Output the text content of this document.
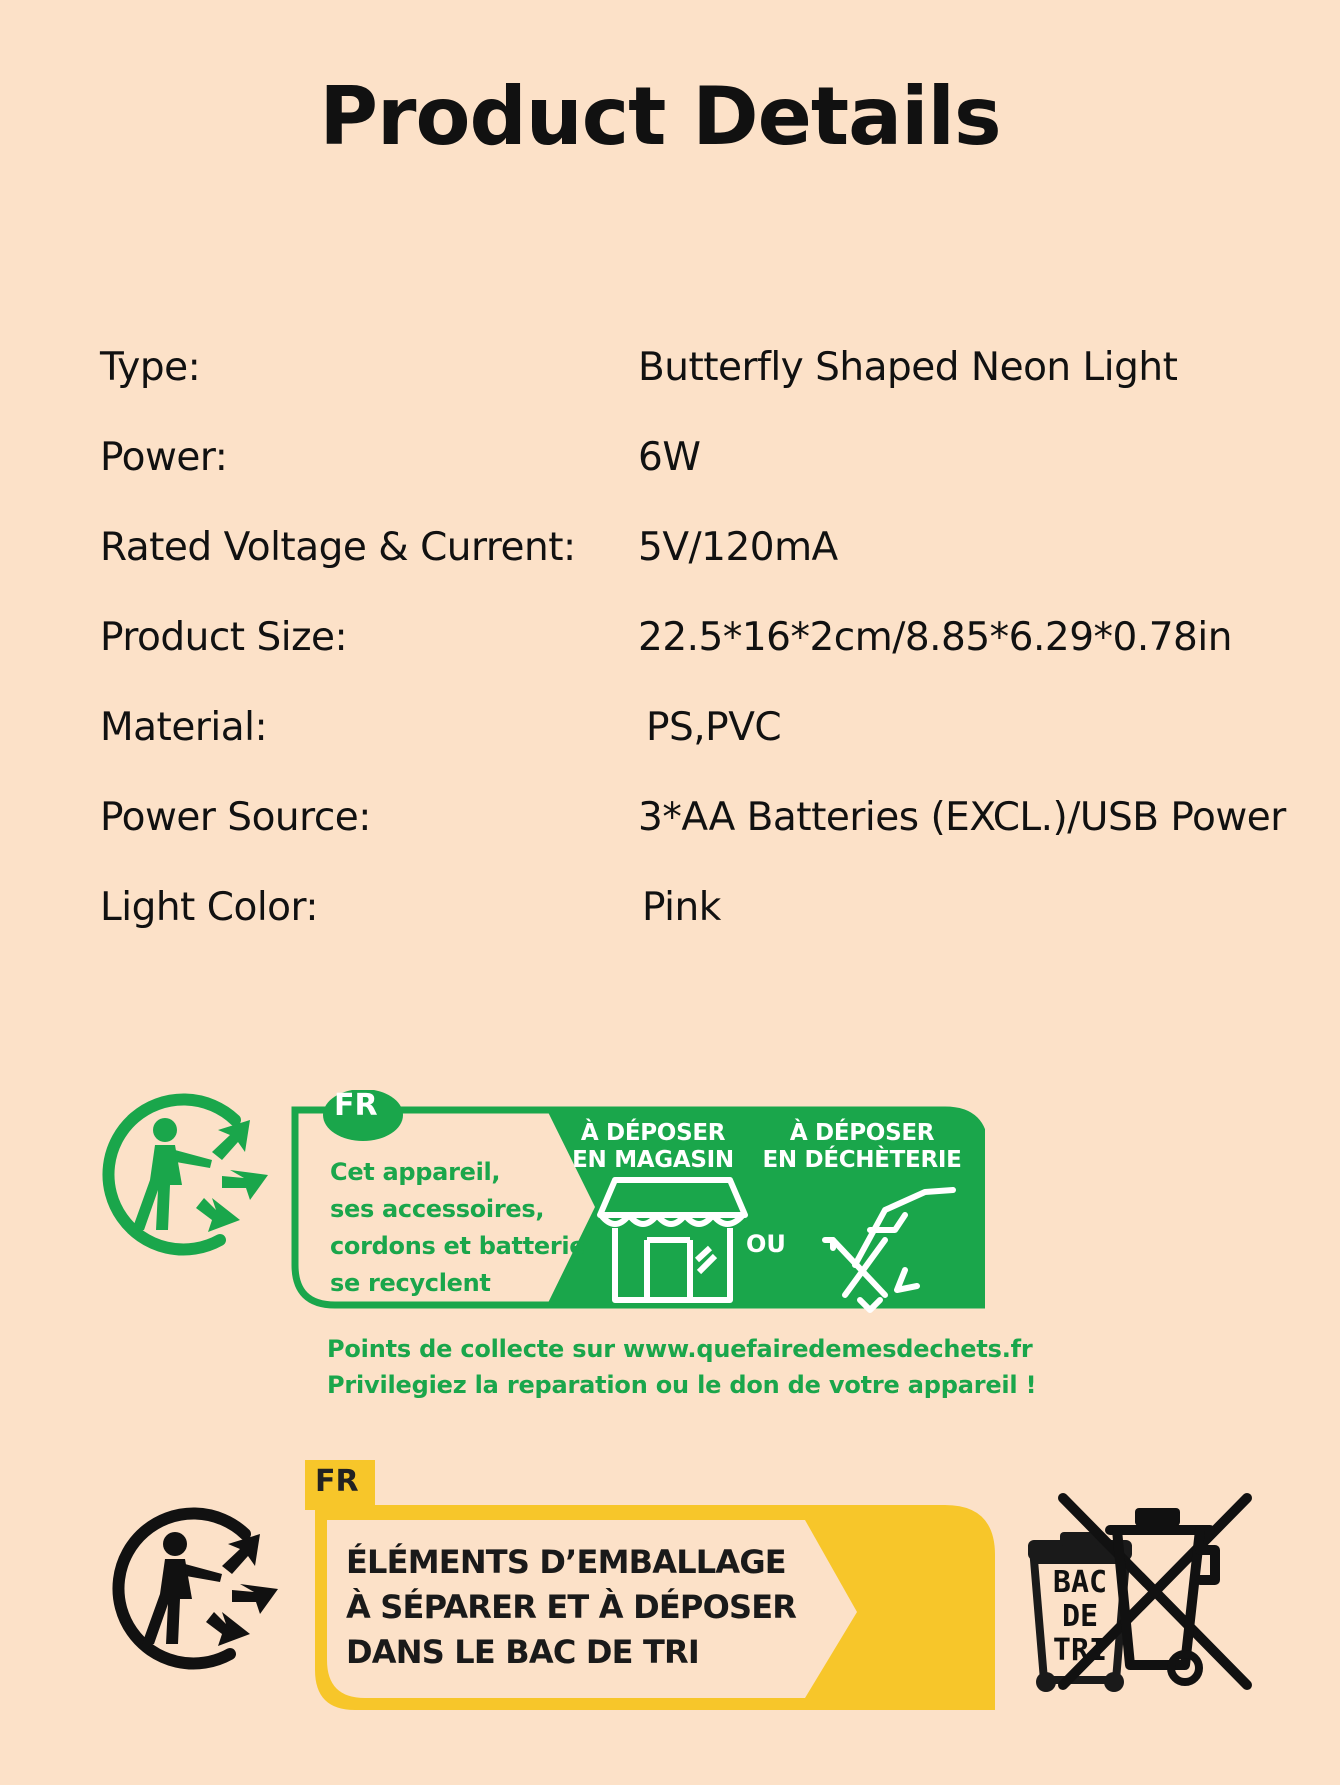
Product Details
Type:	Butterfly Shaped Neon Light
Power:	6W
Rated Voltage & Current: 5V/120mA
Product Size:	22.5*16*2cm/8.85*6.29*0.78in
Material:	PS,PVC
Power Source:	3*AA Batteries (EXCL.)/USB Power
Light Color:	Pink
FR
Cet appareil,
ses accessoires,
cordons et batterie
se recyclent
À DÉPOSER
EN MAGASIN
OU
À DÉPOSER
EN DÉCHÈTERIE
Points de collecte sur www.quefairedemesdechets.fr
Privilegiez la reparation ou le don de votre appareil !
FR
ÉLÉMENTS D’EMBALLAGE
À SÉPARER ET À DÉPOSER
DANS LE BAC DE TRI
BAC
DE
TRI
